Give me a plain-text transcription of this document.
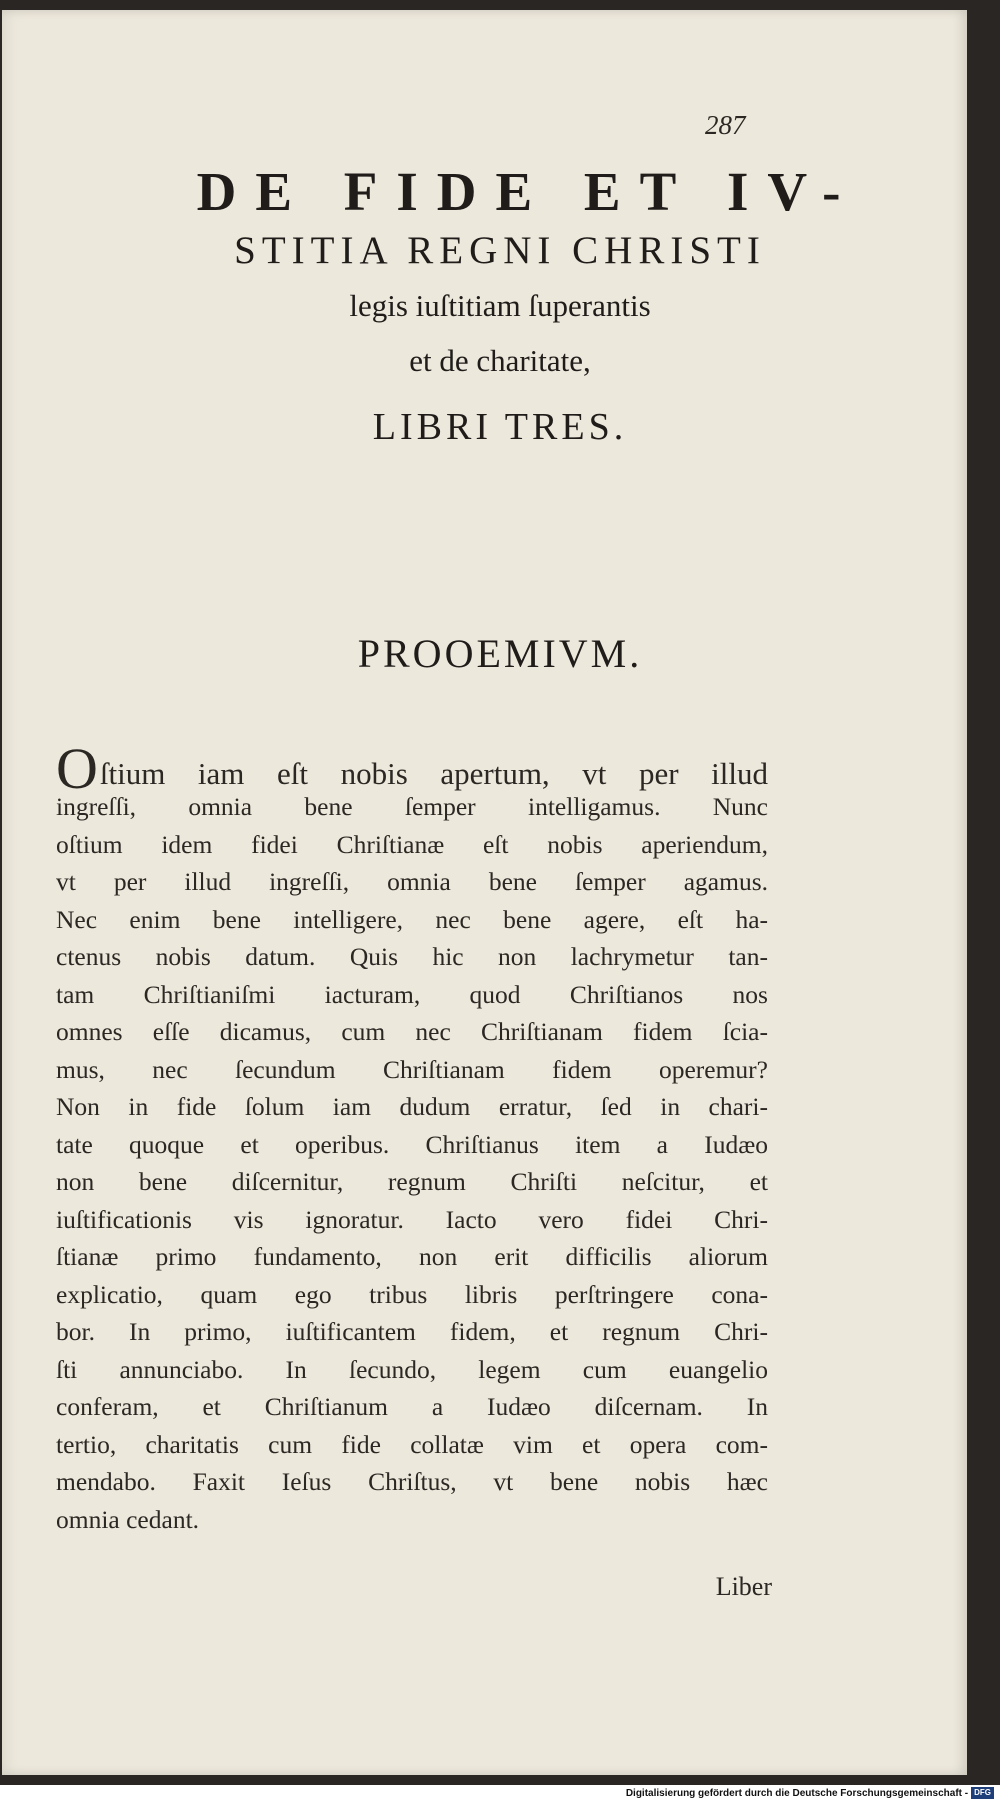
287
DE FIDE ET IV-
STITIA REGNI CHRISTI
legis iuſtitiam ſuperantis
et de charitate,
LIBRI TRES.
PROOEMIVM.
Oſtium iam eſt nobis apertum, vt per illud
ingreſſi, omnia bene ſemper intelligamus. Nunc
oſtium idem fidei Chriſtianæ eſt nobis aperiendum,
vt per illud ingreſſi, omnia bene ſemper agamus.
Nec enim bene intelligere, nec bene agere, eſt ha-
ctenus nobis datum. Quis hic non lachrymetur tan-
tam Chriſtianiſmi iacturam, quod Chriſtianos nos
omnes eſſe dicamus, cum nec Chriſtianam fidem ſcia-
mus, nec ſecundum Chriſtianam fidem operemur?
Non in fide ſolum iam dudum erratur, ſed in chari-
tate quoque et operibus. Chriſtianus item a Iudæo
non bene diſcernitur, regnum Chriſti neſcitur, et
iuſtificationis vis ignoratur. Iacto vero fidei Chri-
ſtianæ primo fundamento, non erit difficilis aliorum
explicatio, quam ego tribus libris perſtringere cona-
bor. In primo, iuſtificantem fidem, et regnum Chri-
ſti annunciabo. In ſecundo, legem cum euangelio
conferam, et Chriſtianum a Iudæo diſcernam. In
tertio, charitatis cum fide collatæ vim et opera com-
mendabo. Faxit Ieſus Chriſtus, vt bene nobis hæc
omnia cedant.
Liber
Digitalisierung gefördert durch die Deutsche Forschungsgemeinschaft - DFG
